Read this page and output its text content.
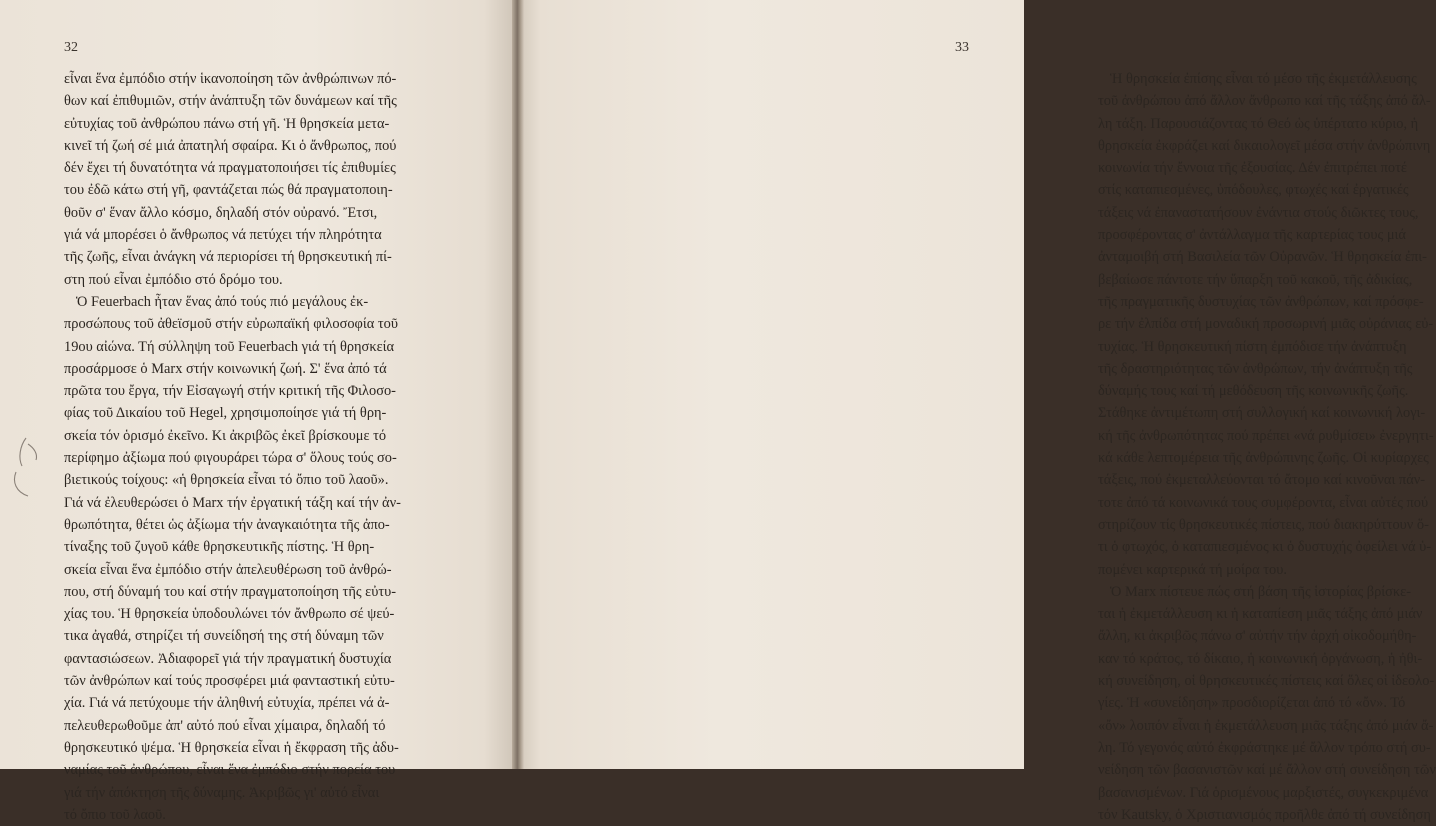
32
εἶναι ἕνα ἐμπόδιο στήν ἱκανοποίηση τῶν ἀνθρώπινων πό-
θων καί ἐπιθυμιῶν, στήν ἀνάπτυξη τῶν δυνάμεων καί τῆς
εὐτυχίας τοῦ ἀνθρώπου πάνω στή γῆ. Ἡ θρησκεία μετα-
κινεῖ τή ζωή σέ μιά ἀπατηλή σφαίρα. Κι ὁ ἄνθρωπος, πού
δέν ἔχει τή δυνατότητα νά πραγματοποιήσει τίς ἐπιθυμίες
του ἐδῶ κάτω στή γῆ, φαντάζεται πώς θά πραγματοποιη-
θοῦν σ' ἕναν ἄλλο κόσμο, δηλαδή στόν οὐρανό. Ἔτσι,
γιά νά μπορέσει ὁ ἄνθρωπος νά πετύχει τήν πληρότητα
τῆς ζωῆς, εἶναι ἀνάγκη νά περιορίσει τή θρησκευτική πί-
στη πού εἶναι ἐμπόδιο στό δρόμο του.
Ὁ Feuerbach ἦταν ἕνας ἀπό τούς πιό μεγάλους ἐκ-
προσώπους τοῦ ἀθεϊσμοῦ στήν εὐρωπαϊκή φιλοσοφία τοῦ
19ου αἰώνα. Τή σύλληψη τοῦ Feuerbach γιά τή θρησκεία
προσάρμοσε ὁ Marx στήν κοινωνική ζωή. Σ' ἕνα ἀπό τά
πρῶτα του ἔργα, τήν Εἰσαγωγή στήν κριτική τῆς Φιλοσο-
φίας τοῦ Δικαίου τοῦ Hegel, χρησιμοποίησε γιά τή θρη-
σκεία τόν ὁρισμό ἐκεῖνο. Κι ἀκριβῶς ἐκεῖ βρίσκουμε τό
περίφημο ἀξίωμα πού φιγουράρει τώρα σ' ὅλους τούς σο-
βιετικούς τοίχους: «ἡ θρησκεία εἶναι τό ὄπιο τοῦ λαοῦ».
Γιά νά ἐλευθερώσει ὁ Marx τήν ἐργατική τάξη καί τήν ἀν-
θρωπότητα, θέτει ὡς ἀξίωμα τήν ἀναγκαιότητα τῆς ἀπο-
τίναξης τοῦ ζυγοῦ κάθε θρησκευτικῆς πίστης. Ἡ θρη-
σκεία εἶναι ἕνα ἐμπόδιο στήν ἀπελευθέρωση τοῦ ἀνθρώ-
που, στή δύναμή του καί στήν πραγματοποίηση τῆς εὐτυ-
χίας του. Ἡ θρησκεία ὑποδουλώνει τόν ἄνθρωπο σέ ψεύ-
τικα ἀγαθά, στηρίζει τή συνείδησή της στή δύναμη τῶν
φαντασιώσεων. Ἀδιαφορεῖ γιά τήν πραγματική δυστυχία
τῶν ἀνθρώπων καί τούς προσφέρει μιά φανταστική εὐτυ-
χία. Γιά νά πετύχουμε τήν ἀληθινή εὐτυχία, πρέπει νά ἀ-
πελευθερωθοῦμε ἀπ' αὐτό πού εἶναι χίμαιρα, δηλαδή τό
θρησκευτικό ψέμα. Ἡ θρησκεία εἶναι ἡ ἔκφραση τῆς ἀδυ-
ναμίας τοῦ ἀνθρώπου, εἶναι ἕνα ἐμπόδιο στήν πορεία του
γιά τήν ἀπόκτηση τῆς δύναμης. Ἀκριβῶς γι' αὐτό εἶναι
τό ὄπιο τοῦ λαοῦ.
Ἡ θρησκεία ἐπίσης εἶναι τό μέσο τῆς ἐκμετάλλευσης
τοῦ ἀνθρώπου ἀπό ἄλλον ἄνθρωπο καί τῆς τάξης ἀπό ἄλ-
λη τάξη. Παρουσιάζοντας τό Θεό ὡς ὑπέρτατο κύριο, ἡ
θρησκεία ἐκφράζει καί δικαιολογεῖ μέσα στήν ἀνθρώπινη
κοινωνία τήν ἔννοια τῆς ἐξουσίας. Δέν ἐπιτρέπει ποτέ
στίς καταπιεσμένες, ὑπόδουλες, φτωχές καί ἐργατικές
τάξεις νά ἐπαναστατήσουν ἐνάντια στούς διῶκτες τους,
προσφέροντας σ' ἀντάλλαγμα τῆς καρτερίας τους μιά
ἀνταμοιβή στή Βασιλεία τῶν Οὐρανῶν. Ἡ θρησκεία ἐπι-
βεβαίωσε πάντοτε τήν ὕπαρξη τοῦ κακοῦ, τῆς ἀδικίας,
τῆς πραγματικῆς δυστυχίας τῶν ἀνθρώπων, καί πρόσφε-
ρε τήν ἐλπίδα στή μοναδική προσωρινή μιᾶς οὐράνιας εὐ-
τυχίας. Ἡ θρησκευτική πίστη ἐμπόδισε τήν ἀνάπτυξη
τῆς δραστηριότητας τῶν ἀνθρώπων, τήν ἀνάπτυξη τῆς
δύναμής τους καί τή μεθόδευση τῆς κοινωνικῆς ζωῆς.
Στάθηκε ἀντιμέτωπη στή συλλογική καί κοινωνική λογι-
κή τῆς ἀνθρωπότητας πού πρέπει «νά ρυθμίσει» ἐνεργητι-
κά κάθε λεπτομέρεια τῆς ἀνθρώπινης ζωῆς. Οἱ κυρίαρχες
τάξεις, πού ἐκμεταλλεύονται τό ἄτομο καί κινοῦναι πάν-
τοτε ἀπό τά κοινωνικά τους συμφέροντα, εἶναι αὐτές πού
στηρίζουν τίς θρησκευτικές πίστεις, πού διακηρύττουν ὅ-
τι ὁ φτωχός, ὁ καταπιεσμένος κι ὁ δυστυχής ὀφείλει νά ὑ-
πομένει καρτερικά τή μοίρα του.
Ὁ Marx πίστευε πώς στή βάση τῆς ἱστορίας βρίσκε-
ται ἡ ἐκμετάλλευση κι ἡ καταπίεση μιᾶς τάξης ἀπό μιάν
ἄλλη, κι ἀκριβῶς πάνω σ' αὐτήν τήν ἀρχή οἰκοδομήθη-
καν τό κράτος, τό δίκαιο, ἡ κοινωνική ὀργάνωση, ἡ ἠθι-
κή συνείδηση, οἱ θρησκευτικές πίστεις καί ὅλες οἱ ἰδεολο-
γίες. Ἡ «συνείδηση» προσδιορίζεται ἀπό τό «ὄν». Τό
«ὄν» λοιπόν εἶναι ἡ ἐκμετάλλευση μιᾶς τάξης ἀπό μιάν ἄ-
λη. Τό γεγονός αὐτό ἐκφράστηκε μέ ἄλλον τρόπο στή συ-
νείδηση τῶν βασανιστῶν καί μέ ἄλλον στή συνείδηση τῶν
βασανισμένων. Γιά ὁρισμένους μαρξιστές, συγκεκριμένα
τόν Kautsky, ὁ Χριστιανισμός προῆλθε ἀπό τή συνείδηση
33
